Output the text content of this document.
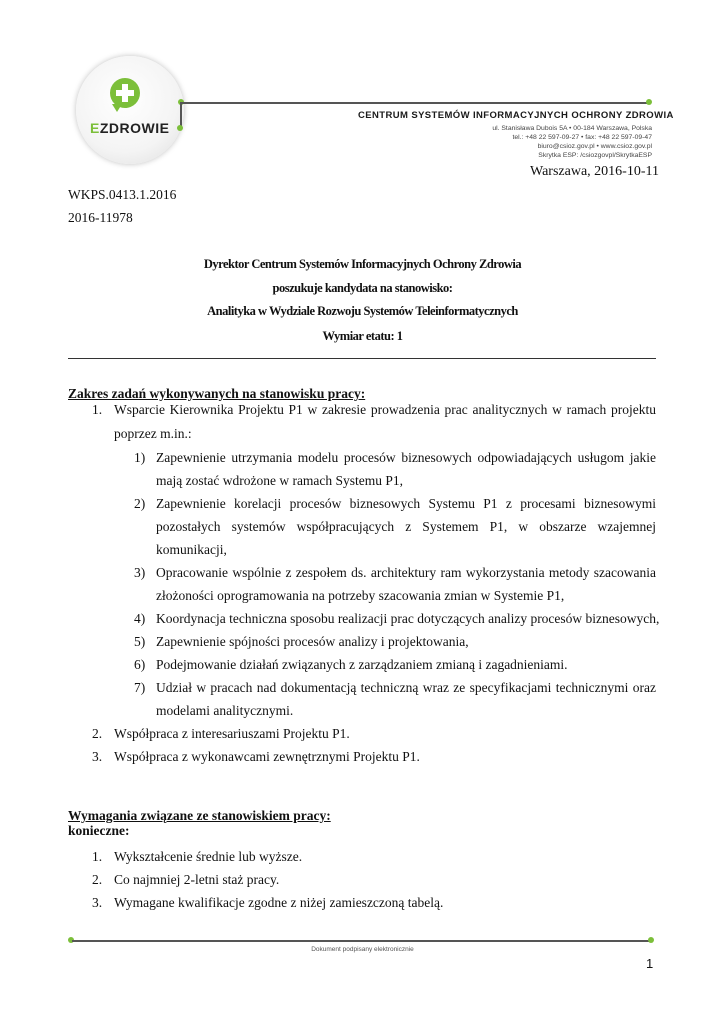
EZDROWIE
CENTRUM SYSTEMÓW INFORMACYJNYCH OCHRONY ZDROWIA
ul. Stanisława Dubois 5A • 00-184 Warszawa, Polska
tel.: +48 22 597-09-27 • fax: +48 22 597-09-47
biuro@csioz.gov.pl • www.csioz.gov.pl
Skrytka ESP: /csiozgovpl/SkrytkaESP
Warszawa, 2016-10-11
WKPS.0413.1.2016
2016-11978
Dyrektor Centrum Systemów Informacyjnych Ochrony Zdrowia
poszukuje kandydata na stanowisko:
Analityka w Wydziale Rozwoju Systemów Teleinformatycznych
Wymiar etatu: 1
Zakres zadań wykonywanych na stanowisku pracy:
1. Wsparcie Kierownika Projektu P1 w zakresie prowadzenia prac analitycznych w ramach projektu
poprzez m.in.:
1) Zapewnienie utrzymania modelu procesów biznesowych odpowiadających usługom jakie
mają zostać wdrożone w ramach Systemu P1,
2) Zapewnienie korelacji procesów biznesowych Systemu P1 z procesami biznesowymi
pozostałych systemów współpracujących z Systemem P1, w obszarze wzajemnej
komunikacji,
3) Opracowanie wspólnie z zespołem ds. architektury ram wykorzystania metody szacowania
złożoności oprogramowania na potrzeby szacowania zmian w Systemie P1,
4) Koordynacja techniczna sposobu realizacji prac dotyczących analizy procesów biznesowych,
5) Zapewnienie spójności procesów analizy i projektowania,
6) Podejmowanie działań związanych z zarządzaniem zmianą i zagadnieniami.
7) Udział w pracach nad dokumentacją techniczną wraz ze specyfikacjami technicznymi oraz
modelami analitycznymi.
2. Współpraca z interesariuszami Projektu P1.
3. Współpraca z wykonawcami zewnętrznymi Projektu P1.
Wymagania związane ze stanowiskiem pracy:
konieczne:
1. Wykształcenie średnie lub wyższe.
2. Co najmniej 2-letni staż pracy.
3. Wymagane kwalifikacje zgodne z niżej zamieszczoną tabelą.
Dokument podpisany elektronicznie
1
